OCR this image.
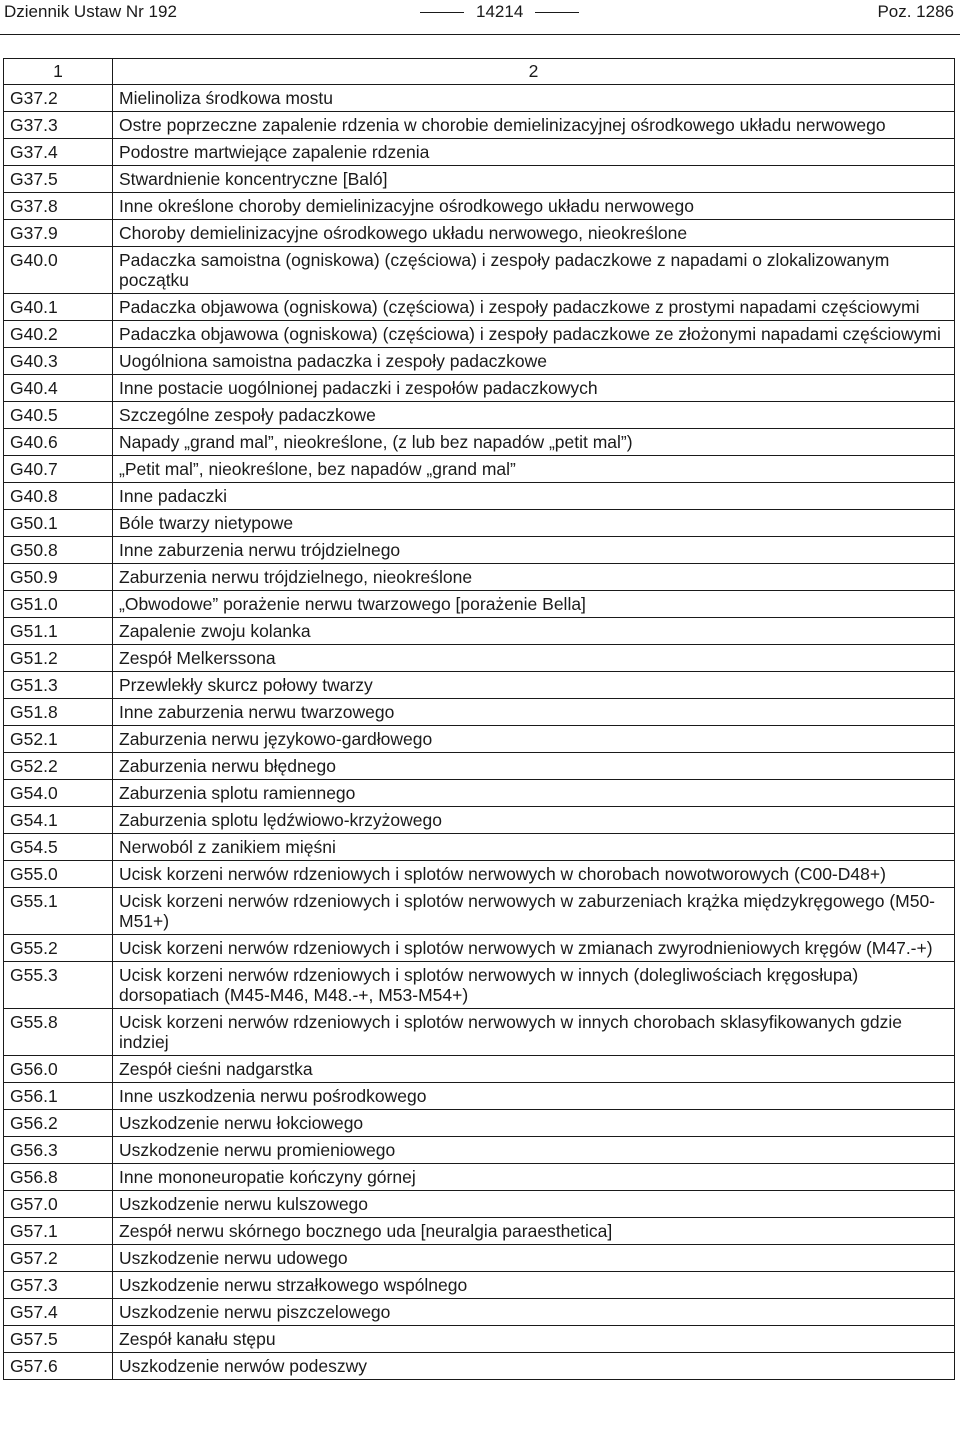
Dziennik Ustaw Nr 192	14214	Poz. 1286
1	2
G37.2	Mielinoliza środkowa mostu
G37.3	Ostre poprzeczne zapalenie rdzenia w chorobie demielinizacyjnej ośrodkowego układu nerwowego
G37.4	Podostre martwiejące zapalenie rdzenia
G37.5	Stwardnienie koncentryczne [Baló]
G37.8	Inne określone choroby demielinizacyjne ośrodkowego układu nerwowego
G37.9	Choroby demielinizacyjne ośrodkowego układu nerwowego, nieokreślone
G40.0	Padaczka samoistna (ogniskowa) (częściowa) i zespoły padaczkowe z napadami o zlokalizowanym początku
G40.1	Padaczka objawowa (ogniskowa) (częściowa) i zespoły padaczkowe z prostymi napadami częściowymi
G40.2	Padaczka objawowa (ogniskowa) (częściowa) i zespoły padaczkowe ze złożonymi napadami częściowymi
G40.3	Uogólniona samoistna padaczka i zespoły padaczkowe
G40.4	Inne postacie uogólnionej padaczki i zespołów padaczkowych
G40.5	Szczególne zespoły padaczkowe
G40.6	Napady „grand mal”, nieokreślone, (z lub bez napadów „petit mal”)
G40.7	„Petit mal”, nieokreślone, bez napadów „grand mal”
G40.8	Inne padaczki
G50.1	Bóle twarzy nietypowe
G50.8	Inne zaburzenia nerwu trójdzielnego
G50.9	Zaburzenia nerwu trójdzielnego, nieokreślone
G51.0	„Obwodowe” porażenie nerwu twarzowego [porażenie Bella]
G51.1	Zapalenie zwoju kolanka
G51.2	Zespół Melkerssona
G51.3	Przewlekły skurcz połowy twarzy
G51.8	Inne zaburzenia nerwu twarzowego
G52.1	Zaburzenia nerwu językowo-gardłowego
G52.2	Zaburzenia nerwu błędnego
G54.0	Zaburzenia splotu ramiennego
G54.1	Zaburzenia splotu lędźwiowo-krzyżowego
G54.5	Nerwoból z zanikiem mięśni
G55.0	Ucisk korzeni nerwów rdzeniowych i splotów nerwowych w chorobach nowotworowych (C00-D48+)
G55.1	Ucisk korzeni nerwów rdzeniowych i splotów nerwowych w zaburzeniach krążka międzykręgowego (M50-M51+)
G55.2	Ucisk korzeni nerwów rdzeniowych i splotów nerwowych w zmianach zwyrodnieniowych kręgów (M47.-+)
G55.3	Ucisk korzeni nerwów rdzeniowych i splotów nerwowych w innych (dolegliwościach kręgosłupa) dorsopatiach (M45-M46, M48.-+, M53-M54+)
G55.8	Ucisk korzeni nerwów rdzeniowych i splotów nerwowych w innych chorobach sklasyfikowanych gdzie indziej
G56.0	Zespół cieśni nadgarstka
G56.1	Inne uszkodzenia nerwu pośrodkowego
G56.2	Uszkodzenie nerwu łokciowego
G56.3	Uszkodzenie nerwu promieniowego
G56.8	Inne mononeuropatie kończyny górnej
G57.0	Uszkodzenie nerwu kulszowego
G57.1	Zespół nerwu skórnego bocznego uda [neuralgia paraesthetica]
G57.2	Uszkodzenie nerwu udowego
G57.3	Uszkodzenie nerwu strzałkowego wspólnego
G57.4	Uszkodzenie nerwu piszczelowego
G57.5	Zespół kanału stępu
G57.6	Uszkodzenie nerwów podeszwy
